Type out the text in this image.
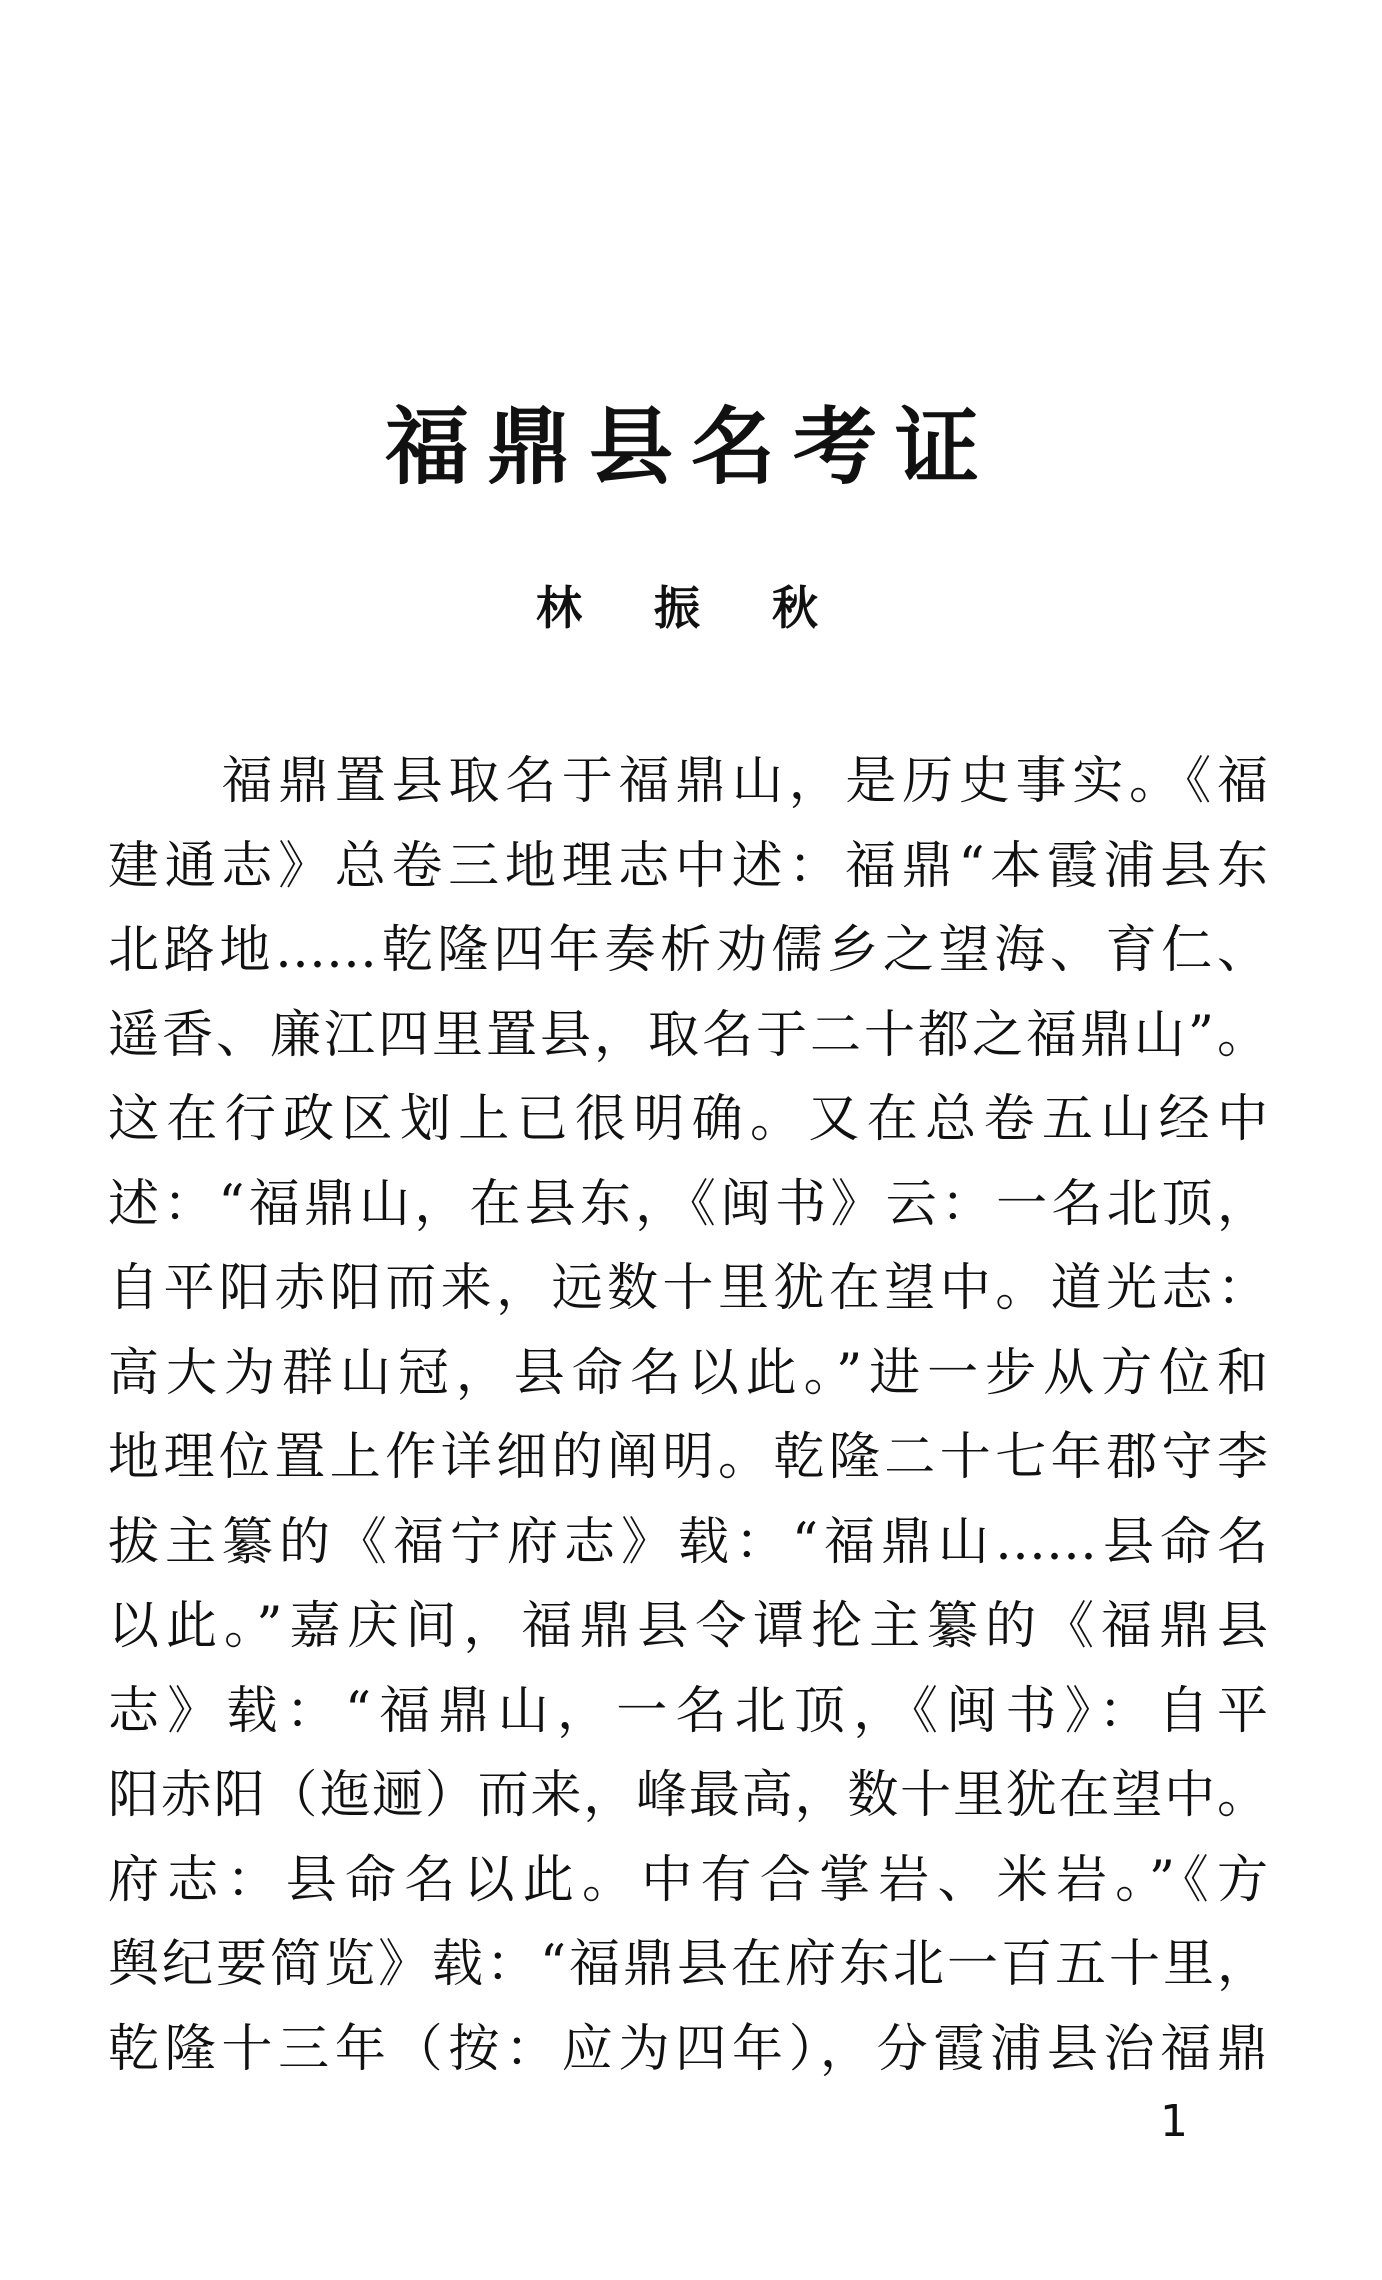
福鼎县名考证
林 振 秋
　　福鼎置县取名于福鼎山，是历史事实。《福
建通志》总卷三地理志中述：福鼎“本霞浦县东
北路地……乾隆四年奏析劝儒乡之望海、育仁、
遥香、廉江四里置县，取名于二十都之福鼎山”。
这在行政区划上已很明确。又在总卷五山经中
述：“福鼎山，在县东，《闽书》云：一名北顶，
自平阳赤阳而来，远数十里犹在望中。道光志：
高大为群山冠，县命名以此。”进一步从方位和
地理位置上作详细的阐明。乾隆二十七年郡守李
拔主纂的《福宁府志》载：“福鼎山……县命名
以此。”嘉庆间，福鼎县令谭抡主纂的《福鼎县
志》载：“福鼎山，一名北顶，《闽书》：自平
阳赤阳（迤逦）而来，峰最高，数十里犹在望中。
府志：县命名以此。中有合掌岩、米岩。”《方
舆纪要简览》载：“福鼎县在府东北一百五十里，
乾隆十三年（按：应为四年），分霞浦县治福鼎
1
